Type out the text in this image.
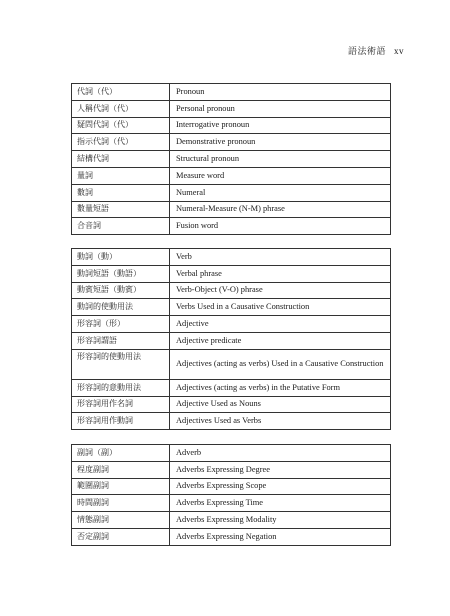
語法術語 xv
代詞（代）	Pronoun
人稱代詞（代）	Personal pronoun
疑問代詞（代）	Interrogative pronoun
指示代詞（代）	Demonstrative pronoun
結構代詞	Structural pronoun
量詞	Measure word
數詞	Numeral
數量短語	Numeral-Measure (N-M) phrase
合音詞	Fusion word
動詞（動）	Verb
動詞短語（動語）	Verbal phrase
動賓短語（動賓）	Verb-Object (V-O) phrase
動詞的使動用法	Verbs Used in a Causative Construction
形容詞（形）	Adjective
形容詞謂語	Adjective predicate
形容詞的使動用法	Adjectives (acting as verbs) Used in a Causative Construction
形容詞的意動用法	Adjectives (acting as verbs) in the Putative Form
形容詞用作名詞	Adjective Used as Nouns
形容詞用作動詞	Adjectives Used as Verbs
副詞（副）	Adverb
程度副詞	Adverbs Expressing Degree
範圍副詞	Adverbs Expressing Scope
時間副詞	Adverbs Expressing Time
情態副詞	Adverbs Expressing Modality
否定副詞	Adverbs Expressing Negation
